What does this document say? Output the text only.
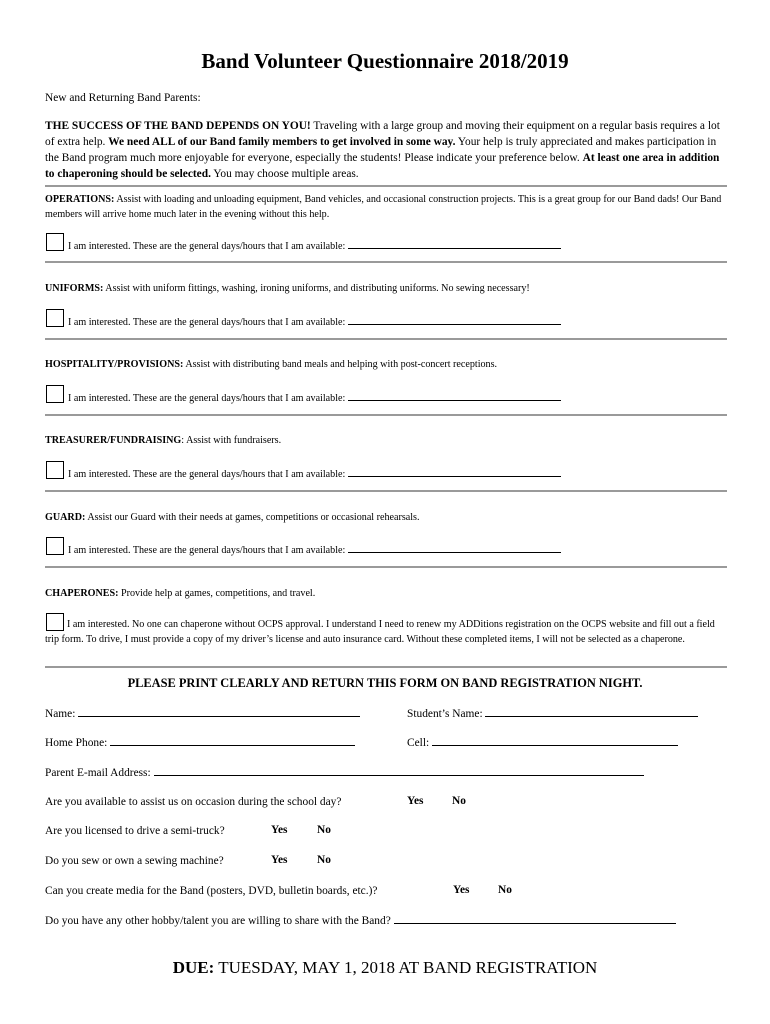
Band Volunteer Questionnaire 2018/2019
New and Returning Band Parents:
THE SUCCESS OF THE BAND DEPENDS ON YOU! Traveling with a large group and moving their equipment on a regular basis requires a lot of extra help. We need ALL of our Band family members to get involved in some way. Your help is truly appreciated and makes participation in the Band program much more enjoyable for everyone, especially the students! Please indicate your preference below. At least one area in addition to chaperoning should be selected. You may choose multiple areas.
OPERATIONS: Assist with loading and unloading equipment, Band vehicles, and occasional construction projects. This is a great group for our Band dads! Our Band members will arrive home much later in the evening without this help.
I am interested. These are the general days/hours that I am available:
UNIFORMS: Assist with uniform fittings, washing, ironing uniforms, and distributing uniforms. No sewing necessary!
I am interested. These are the general days/hours that I am available:
HOSPITALITY/PROVISIONS: Assist with distributing band meals and helping with post-concert receptions.
I am interested. These are the general days/hours that I am available:
TREASURER/FUNDRAISING: Assist with fundraisers.
I am interested. These are the general days/hours that I am available:
GUARD: Assist our Guard with their needs at games, competitions or occasional rehearsals.
I am interested. These are the general days/hours that I am available:
CHAPERONES: Provide help at games, competitions, and travel.
I am interested. No one can chaperone without OCPS approval. I understand I need to renew my ADDitions registration on the OCPS website and fill out a field trip form. To drive, I must provide a copy of my driver’s license and auto insurance card. Without these completed items, I will not be selected as a chaperone.
PLEASE PRINT CLEARLY AND RETURN THIS FORM ON BAND REGISTRATION NIGHT.
Name:	Student’s Name:
Home Phone:	Cell:
Parent E-mail Address:
Are you available to assist us on occasion during the school day?	Yes	No
Are you licensed to drive a semi-truck?	Yes	No
Do you sew or own a sewing machine?	Yes	No
Can you create media for the Band (posters, DVD, bulletin boards, etc.)?	Yes	No
Do you have any other hobby/talent you are willing to share with the Band?
DUE: TUESDAY, MAY 1, 2018 AT BAND REGISTRATION
